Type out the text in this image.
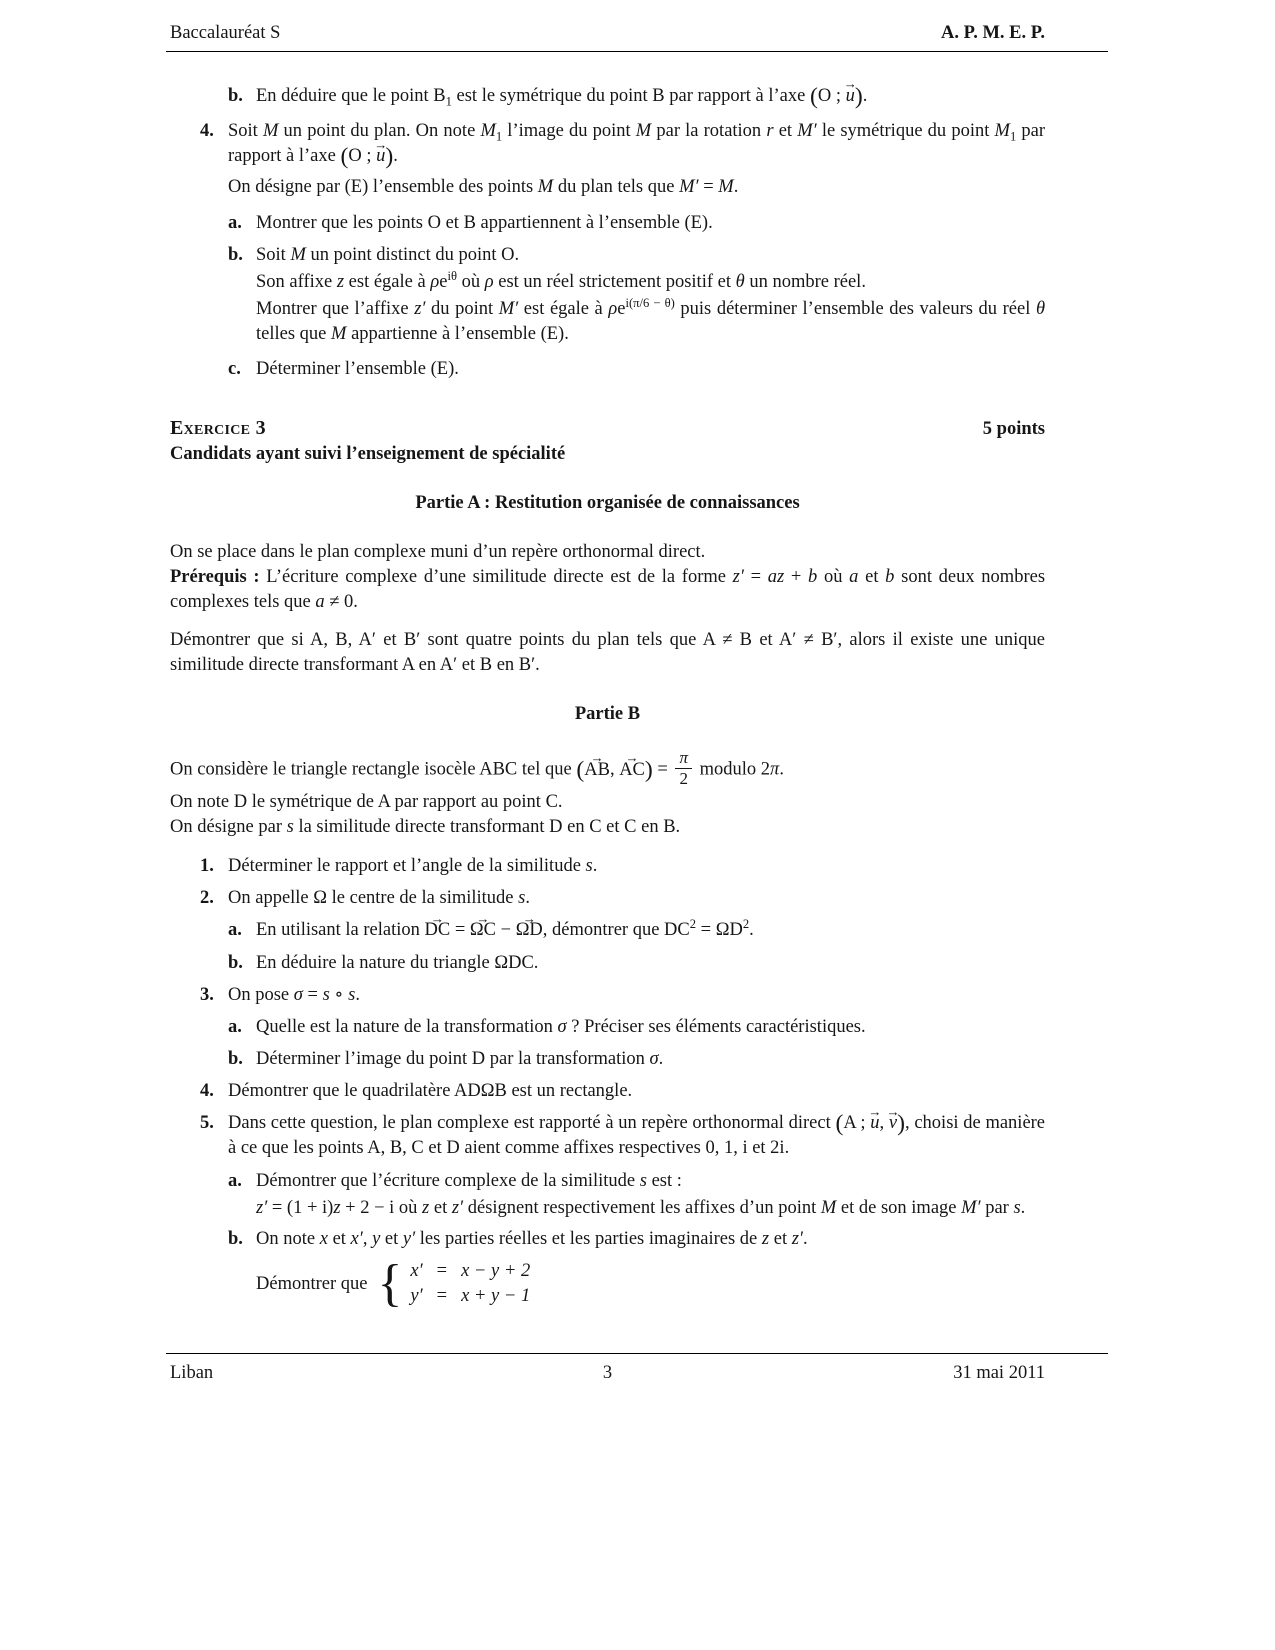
Baccalauréat S	A. P. M. E. P.
b. En déduire que le point $B_1$ est le symétrique du point B par rapport à l’axe (O ; → u).
4. Soit M un point du plan. On note $M_1$ l’image du point M par la rotation r et M′ le symétrique du point $M_1$ par rapport à l’axe (O ; → u).
On désigne par (E) l’ensemble des points M du plan tels que M′ = M.
a. Montrer que les points O et B appartiennent à l’ensemble (E).
b. Soit M un point distinct du point O.
Son affixe z est égale à $\rho e^{i\theta}$ où ρ est un réel strictement positif et θ un nombre réel.
Montrer que l’affixe z′ du point M′ est égale à $\rho e^{i(\pi/6 - \theta)}$ puis déterminer l’ensemble des valeurs du réel θ telles que M appartienne à l’ensemble (E).
c. Déterminer l’ensemble (E).
Exercice 3	5 points
Candidats ayant suivi l’enseignement de spécialité
Partie A : Restitution organisée de connaissances
On se place dans le plan complexe muni d’un repère orthonormal direct.
Prérequis : L’écriture complexe d’une similitude directe est de la forme z′ = az + b où a et b sont deux nombres complexes tels que a ≠ 0.
Démontrer que si A, B, A′ et B′ sont quatre points du plan tels que A ≠ B et A′ ≠ B′, alors il existe une unique similitude directe transformant A en A′ et B en B′.
Partie B
On considère le triangle rectangle isocèle ABC tel que (→ AB, → $AC) = \frac{\pi}{2}$ modulo 2π.
On note D le symétrique de A par rapport au point C.
On désigne par s la similitude directe transformant D en C et C en B.
1. Déterminer le rapport et l’angle de la similitude s.
2. On appelle Ω le centre de la similitude s.
a. En utilisant la relation → DC = → ΩC − → ΩD, démontrer que $DC^2 = \Omega D^2$.
b. En déduire la nature du triangle ΩDC.
3. On pose σ = s ∘ s.
a. Quelle est la nature de la transformation σ ? Préciser ses éléments caractéristiques.
b. Déterminer l’image du point D par la transformation σ.
4. Démontrer que le quadrilatère ADΩB est un rectangle.
5. Dans cette question, le plan complexe est rapporté à un repère orthonormal direct (A ; → u, → v), choisi de manière à ce que les points A, B, C et D aient comme affixes respectives 0, 1, i et 2i.
a. Démontrer que l’écriture complexe de la similitude s est :
z′ = (1 + i)z + 2 − i où z et z′ désignent respectivement les affixes d’un point M et de son image M′ par s.
b. On note x et x′, y et y′ les parties réelles et les parties imaginaires de z et z′.
Démontrer que { x′ = x − y + 2
y′ = x + y − 1
Liban	3	31 mai 2011
